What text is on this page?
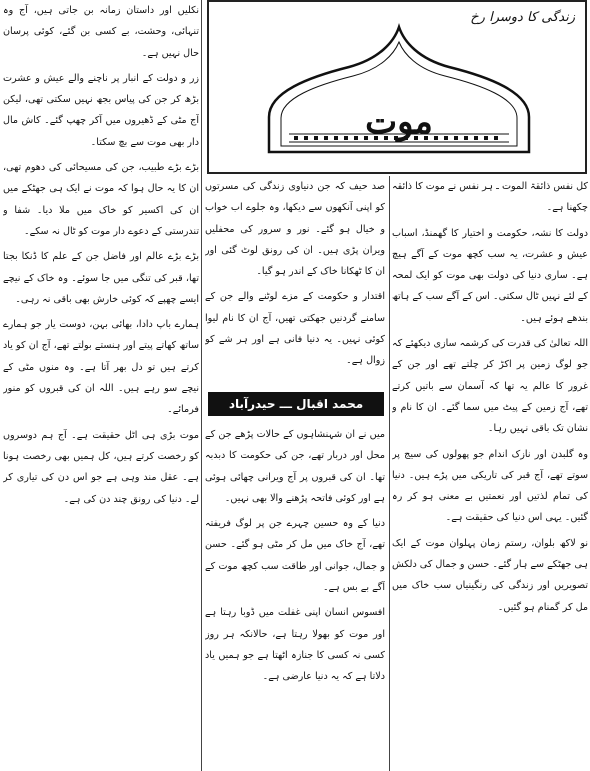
زندگی کا دوسرا رخ
موت

کل نفس ذائقۃ الموت ـ ہر نفس نے موت کا ذائقہ چکھنا ہے۔

دولت کا نشہ، حکومت و اختیار کا گھمنڈ، اسباب عیش و عشرت، یہ سب کچھ موت کے آگے ہیچ ہے۔ ساری دنیا کی دولت بھی موت کو ایک لمحہ کے لئے نہیں ٹال سکتی۔ اس کے آگے سب کے ہاتھ بندھے ہوئے ہیں۔

اللہ تعالیٰ کی قدرت کی کرشمہ سازی دیکھئے کہ جو لوگ زمین پر اکڑ کر چلتے تھے اور جن کے غرور کا عالم یہ تھا کہ آسمان سے باتیں کرتے تھے، آج زمین کے پیٹ میں سما گئے۔ ان کا نام و نشان تک باقی نہیں رہا۔

وہ گلبدن اور نازک اندام جو پھولوں کی سیج پر سوتے تھے، آج قبر کی تاریکی میں پڑے ہیں۔ دنیا کی تمام لذتیں اور نعمتیں بے معنی ہو کر رہ گئیں۔ یہی اس دنیا کی حقیقت ہے۔

نو لاکھ بلوان، رستم زمان پہلوان موت کے ایک ہی جھٹکے سے ہار گئے۔ حسن و جمال کی دلکش تصویریں اور زندگی کی رنگینیاں سب خاک میں مل کر گمنام ہو گئیں۔

صد حیف کہ جن دنیاوی زندگی کی مسرتوں کو اپنی آنکھوں سے دیکھا، وہ جلوے اب خواب و خیال ہو گئے۔ نور و سرور کی محفلیں ویران پڑی ہیں۔ ان کی رونق لوٹ گئی اور ان کا ٹھکانا خاک کے اندر ہو گیا۔

اقتدار و حکومت کے مزے لوٹنے والے جن کے سامنے گردنیں جھکتی تھیں، آج ان کا نام لیوا کوئی نہیں۔ یہ دنیا فانی ہے اور ہر شے کو زوال ہے۔

محمد اقبال ـــ حیدرآباد

میں نے ان شہنشاہوں کے حالات پڑھے جن کے محل اور دربار تھے، جن کی حکومت کا دبدبہ تھا۔ ان کی قبروں پر آج ویرانی چھائی ہوئی ہے اور کوئی فاتحہ پڑھنے والا بھی نہیں۔

دنیا کے وہ حسین چہرے جن پر لوگ فریفتہ تھے، آج خاک میں مل کر مٹی ہو گئے۔ حسن و جمال، جوانی اور طاقت سب کچھ موت کے آگے بے بس ہے۔

افسوس انسان اپنی غفلت میں ڈوبا رہتا ہے اور موت کو بھولا رہتا ہے، حالانکہ ہر روز کسی نہ کسی کا جنازہ اٹھتا ہے جو ہمیں یاد دلاتا ہے کہ یہ دنیا عارضی ہے۔

نکلیں اور داستان زمانہ بن جاتی ہیں، آج وہ تنہائی، وحشت، بے کسی بن گئے، کوئی پرسان حال نہیں ہے۔

زر و دولت کے انبار پر ناچنے والے عیش و عشرت بڑھ کر جن کی پیاس بجھ نہیں سکتی تھی، لیکن آج مٹی کے ڈھیروں میں آکر چھپ گئے۔ کاش مال دار بھی موت سے بچ سکتا۔

بڑے بڑے طبیب، جن کی مسیحائی کی دھوم تھی، ان کا یہ حال ہوا کہ موت نے ایک ہی جھٹکے میں ان کی اکسیر کو خاک میں ملا دیا۔ شفا و تندرستی کے دعوے دار موت کو ٹال نہ سکے۔

بڑے بڑے عالم اور فاضل جن کے علم کا ڈنکا بجتا تھا، قبر کی تنگی میں جا سوئے۔ وہ خاک کے نیچے ایسے چھپے کہ کوئی خارش بھی باقی نہ رہی۔

ہمارے باپ دادا، بھائی بہن، دوست یار جو ہمارے ساتھ کھاتے پیتے اور ہنستے بولتے تھے، آج ان کو یاد کرتے ہیں تو دل بھر آتا ہے۔ وہ منوں مٹی کے نیچے سو رہے ہیں۔ اللہ ان کی قبروں کو منور فرمائے۔

موت بڑی ہی اٹل حقیقت ہے۔ آج ہم دوسروں کو رخصت کرتے ہیں، کل ہمیں بھی رخصت ہونا ہے۔ عقل مند وہی ہے جو اس دن کی تیاری کر لے۔ دنیا کی رونق چند دن کی ہے۔
